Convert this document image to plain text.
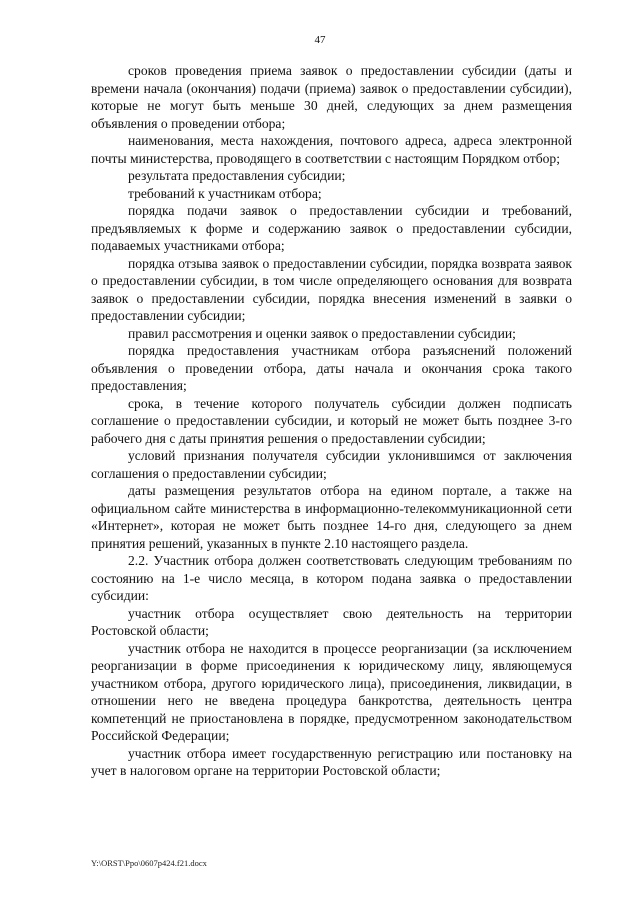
47

сроков проведения приема заявок о предоставлении субсидии (даты и времени начала (окончания) подачи (приема) заявок о предоставлении субсидии), которые не могут быть меньше 30 дней, следующих за днем размещения объявления о проведении отбора;

наименования, места нахождения, почтового адреса, адреса электронной почты министерства, проводящего в соответствии с настоящим Порядком отбор;

результата предоставления субсидии;

требований к участникам отбора;

порядка подачи заявок о предоставлении субсидии и требований, предъявляемых к форме и содержанию заявок о предоставлении субсидии, подаваемых участниками отбора;

порядка отзыва заявок о предоставлении субсидии, порядка возврата заявок о предоставлении субсидии, в том числе определяющего основания для возврата заявок о предоставлении субсидии, порядка внесения изменений в заявки о предоставлении субсидии;

правил рассмотрения и оценки заявок о предоставлении субсидии;

порядка предоставления участникам отбора разъяснений положений объявления о проведении отбора, даты начала и окончания срока такого предоставления;

срока, в течение которого получатель субсидии должен подписать соглашение о предоставлении субсидии, и который не может быть позднее 3-го рабочего дня с даты принятия решения о предоставлении субсидии;

условий признания получателя субсидии уклонившимся от заключения соглашения о предоставлении субсидии;

даты размещения результатов отбора на едином портале, а также на официальном сайте министерства в информационно-телекоммуникационной сети «Интернет», которая не может быть позднее 14-го дня, следующего за днем принятия решений, указанных в пункте 2.10 настоящего раздела.

2.2. Участник отбора должен соответствовать следующим требованиям по состоянию на 1-е число месяца, в котором подана заявка о предоставлении субсидии:

участник отбора осуществляет свою деятельность на территории Ростовской области;

участник отбора не находится в процессе реорганизации (за исключением реорганизации в форме присоединения к юридическому лицу, являющемуся участником отбора, другого юридического лица), присоединения, ликвидации, в отношении него не введена процедура банкротства, деятельность центра компетенций не приостановлена в порядке, предусмотренном законодательством Российской Федерации;

участник отбора имеет государственную регистрацию или постановку на учет в налоговом органе на территории Ростовской области;

Y:\ORST\Ppo\0607p424.f21.docx
